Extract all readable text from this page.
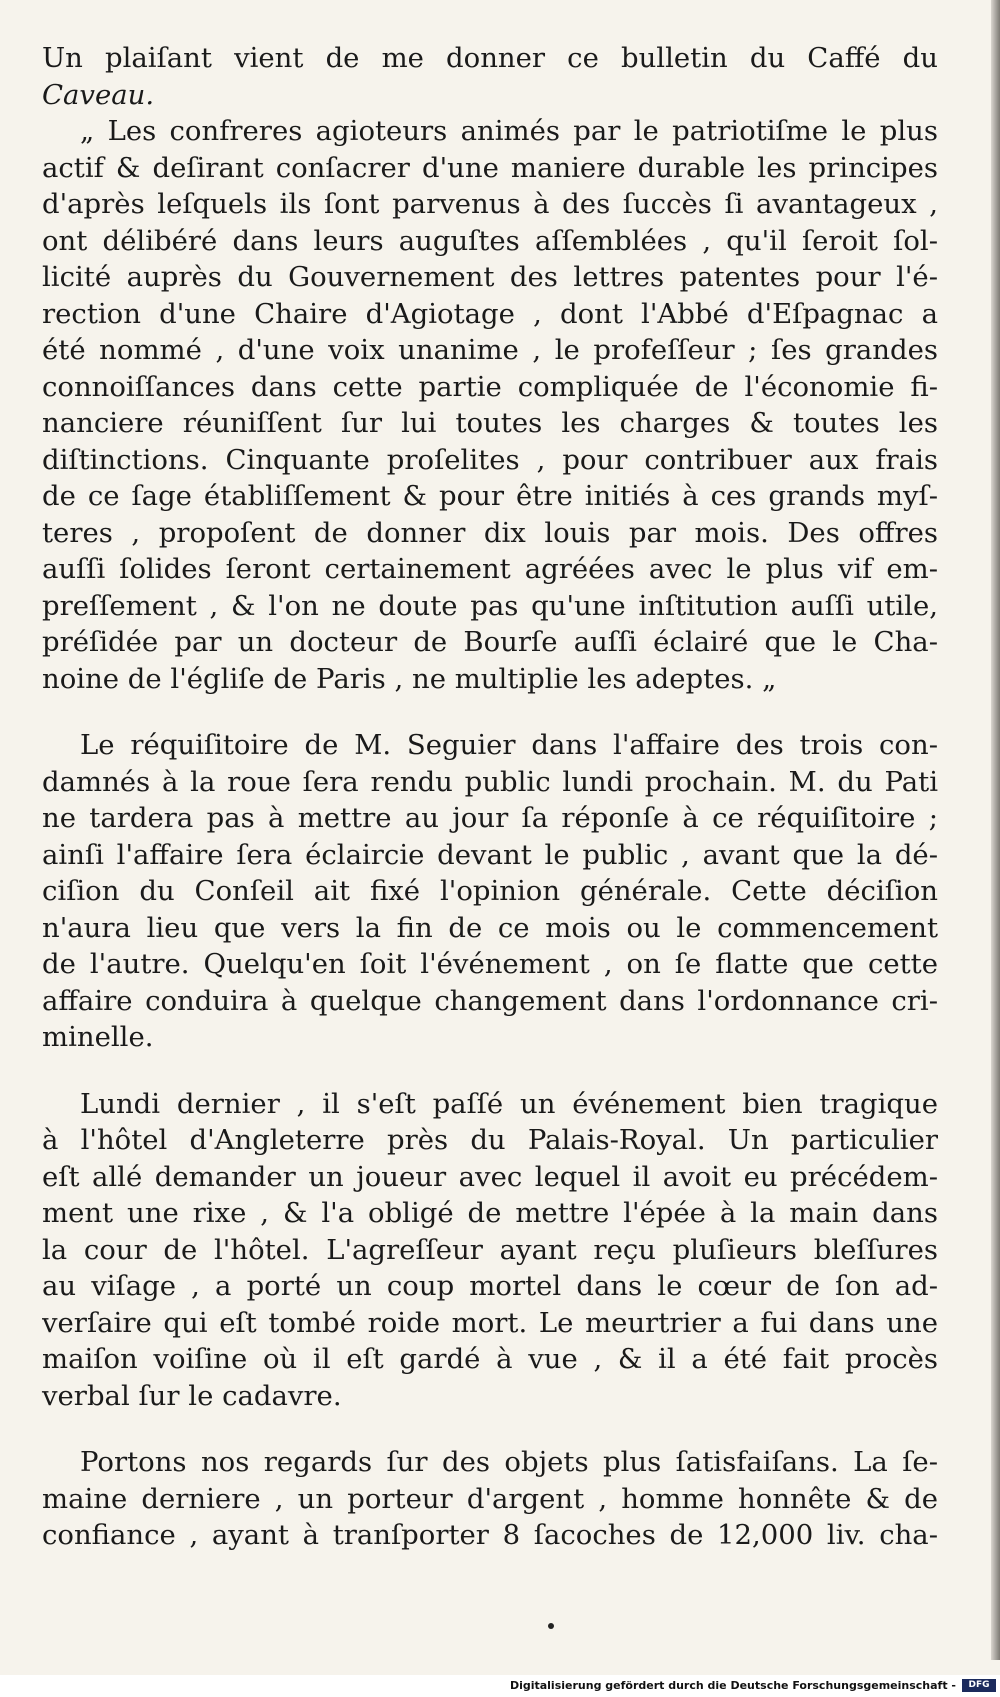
Un plaiſant vient de me donner ce bulletin du Caffé du
Caveau.
„ Les confreres agioteurs animés par le patriotiſme le plus
actif & deſirant conſacrer d'une maniere durable les principes
d'après leſquels ils ſont parvenus à des ſuccès ſi avantageux ,
ont délibéré dans leurs auguſtes aſſemblées , qu'il ſeroit ſol-
licité auprès du Gouvernement des lettres patentes pour l'é-
rection d'une Chaire d'Agiotage , dont l'Abbé d'Eſpagnac a
été nommé , d'une voix unanime , le profeſſeur ; ſes grandes
connoiſſances dans cette partie compliquée de l'économie fi-
nanciere réuniſſent ſur lui toutes les charges & toutes les
diſtinctions. Cinquante proſelites , pour contribuer aux frais
de ce ſage établiſſement & pour être initiés à ces grands myſ-
teres , propoſent de donner dix louis par mois. Des offres
auſſi ſolides ſeront certainement agréées avec le plus vif em-
preſſement , & l'on ne doute pas qu'une inſtitution auſſi utile,
préſidée par un docteur de Bourſe auſſi éclairé que le Cha-
noine de l'égliſe de Paris , ne multiplie les adeptes. „
Le réquiſitoire de M. Seguier dans l'affaire des trois con-
damnés à la roue ſera rendu public lundi prochain. M. du Pati
ne tardera pas à mettre au jour ſa réponſe à ce réquiſitoire ;
ainſi l'affaire ſera éclaircie devant le public , avant que la dé-
ciſion du Conſeil ait fixé l'opinion générale. Cette déciſion
n'aura lieu que vers la fin de ce mois ou le commencement
de l'autre. Quelqu'en ſoit l'événement , on ſe flatte que cette
affaire conduira à quelque changement dans l'ordonnance cri-
minelle.
Lundi dernier , il s'eſt paſſé un événement bien tragique
à l'hôtel d'Angleterre près du Palais-Royal. Un particulier
eſt allé demander un joueur avec lequel il avoit eu précédem-
ment une rixe , & l'a obligé de mettre l'épée à la main dans
la cour de l'hôtel. L'agreſſeur ayant reçu pluſieurs bleſſures
au viſage , a porté un coup mortel dans le cœur de ſon ad-
verſaire qui eſt tombé roide mort. Le meurtrier a fui dans une
maiſon voiſine où il eſt gardé à vue , & il a été fait procès
verbal ſur le cadavre.
Portons nos regards ſur des objets plus ſatisfaiſans. La ſe-
maine derniere , un porteur d'argent , homme honnête & de
confiance , ayant à tranſporter 8 ſacoches de 12,000 liv. cha-
Digitalisierung gefördert durch die Deutsche Forschungsgemeinschaft -	DFG
